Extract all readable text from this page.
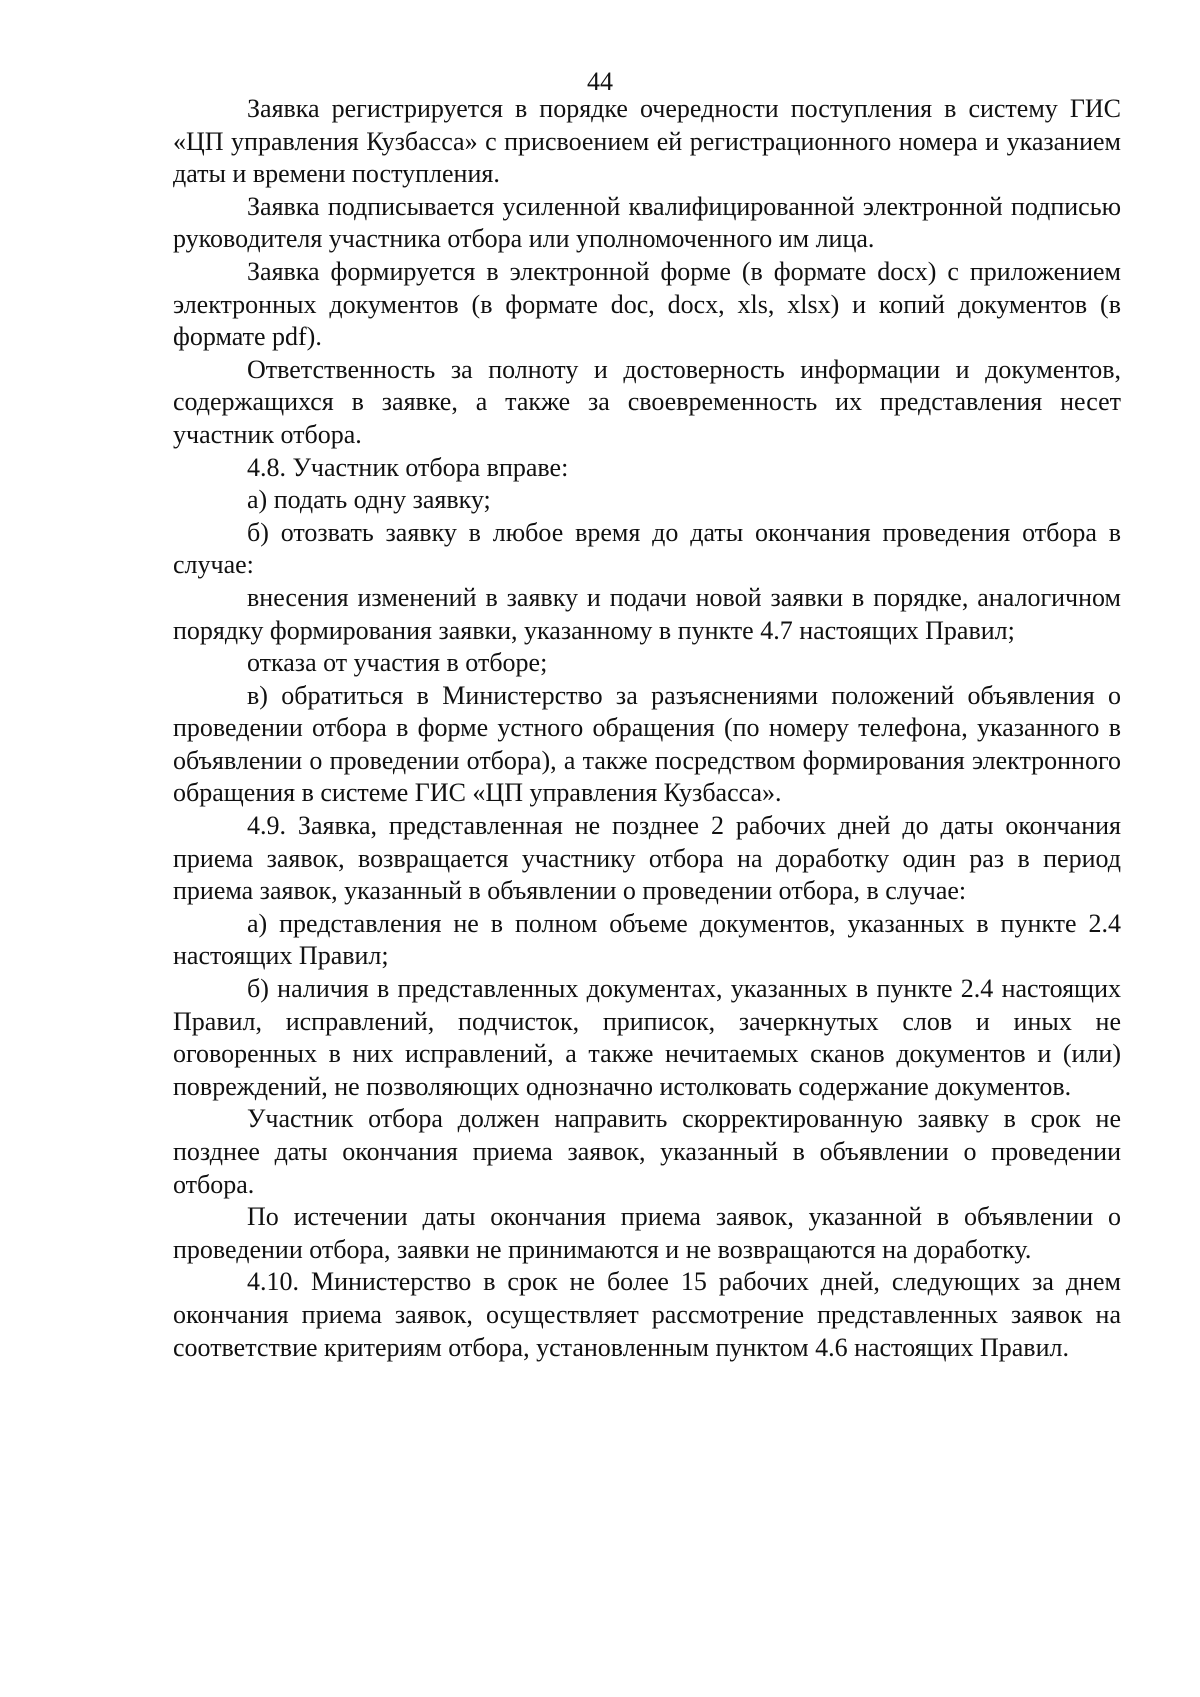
44

Заявка регистрируется в порядке очередности поступления в систему ГИС «ЦП управления Кузбасса» с присвоением ей регистрационного номера и указанием даты и времени поступления.

Заявка подписывается усиленной квалифицированной электронной подписью руководителя участника отбора или уполномоченного им лица.

Заявка формируется в электронной форме (в формате docx) с приложением электронных документов (в формате doc, docx, xls, xlsx) и копий документов (в формате pdf).

Ответственность за полноту и достоверность информации и документов, содержащихся в заявке, а также за своевременность их представления несет участник отбора.

4.8. Участник отбора вправе:

а) подать одну заявку;

б) отозвать заявку в любое время до даты окончания проведения отбора в случае:

внесения изменений в заявку и подачи новой заявки в порядке, аналогичном порядку формирования заявки, указанному в пункте 4.7 настоящих Правил;

отказа от участия в отборе;

в) обратиться в Министерство за разъяснениями положений объявления о проведении отбора в форме устного обращения (по номеру телефона, указанного в объявлении о проведении отбора), а также посредством формирования электронного обращения в системе ГИС «ЦП управления Кузбасса».

4.9. Заявка, представленная не позднее 2 рабочих дней до даты окончания приема заявок, возвращается участнику отбора на доработку один раз в период приема заявок, указанный в объявлении о проведении отбора, в случае:

а) представления не в полном объеме документов, указанных в пункте 2.4 настоящих Правил;

б) наличия в представленных документах, указанных в пункте 2.4 настоящих Правил, исправлений, подчисток, приписок, зачеркнутых слов и иных не оговоренных в них исправлений, а также нечитаемых сканов документов и (или) повреждений, не позволяющих однозначно истолковать содержание документов.

Участник отбора должен направить скорректированную заявку в срок не позднее даты окончания приема заявок, указанный в объявлении о проведении отбора.

По истечении даты окончания приема заявок, указанной в объявлении о проведении отбора, заявки не принимаются и не возвращаются на доработку.

4.10. Министерство в срок не более 15 рабочих дней, следующих за днем окончания приема заявок, осуществляет рассмотрение представленных заявок на соответствие критериям отбора, установленным пунктом 4.6 настоящих Правил.
